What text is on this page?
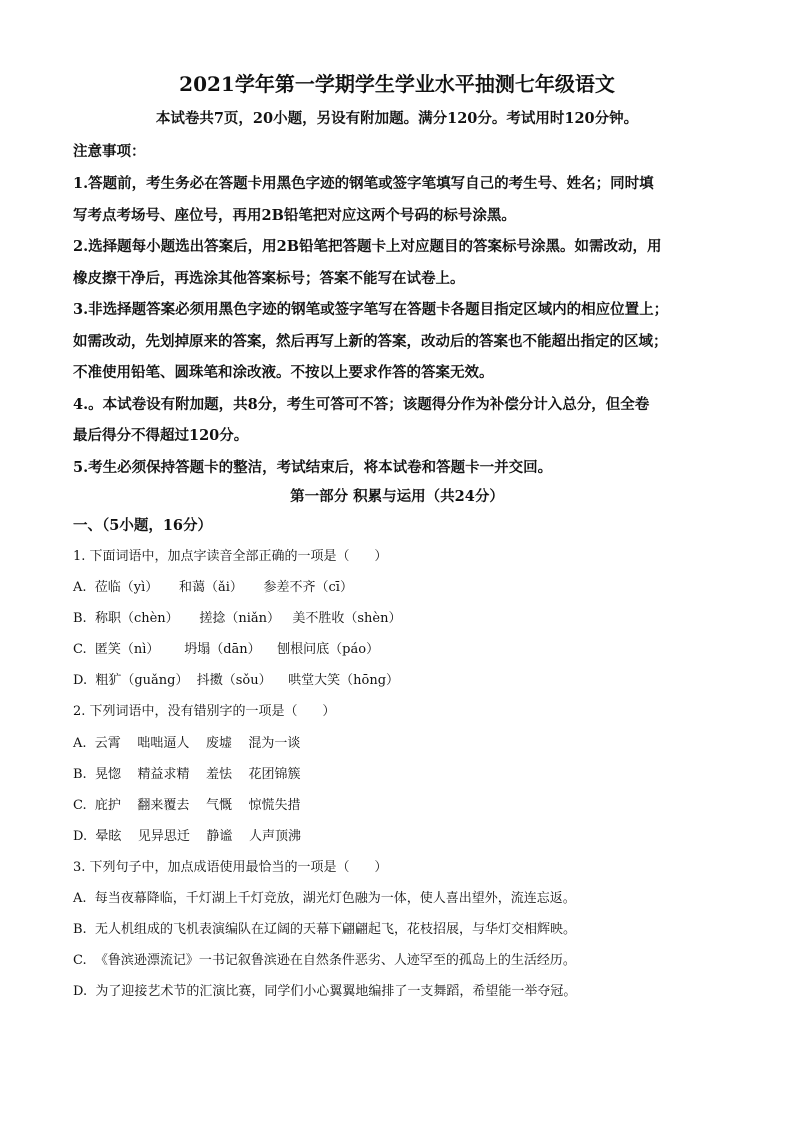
2021学年第一学期学生学业水平抽测七年级语文
本试卷共7页，20小题，另设有附加题。满分120分。考试用时120分钟。
注意事项：
1.答题前，考生务必在答题卡用黑色字迹的钢笔或签字笔填写自己的考生号、姓名；同时填
写考点考场号、座位号，再用2B铅笔把对应这两个号码的标号涂黑。
2.选择题每小题选出答案后，用2B铅笔把答题卡上对应题目的答案标号涂黑。如需改动，用
橡皮擦干净后，再选涂其他答案标号；答案不能写在试卷上。
3.非选择题答案必须用黑色字迹的钢笔或签字笔写在答题卡各题目指定区域内的相应位置上；
如需改动，先划掉原来的答案，然后再写上新的答案，改动后的答案也不能超出指定的区域；
不准使用铅笔、圆珠笔和涂改液。不按以上要求作答的答案无效。
4.。本试卷设有附加题，共8分，考生可答可不答；该题得分作为补偿分计入总分，但全卷
最后得分不得超过120分。
5.考生必须保持答题卡的整洁，考试结束后，将本试卷和答题卡一并交回。
第一部分 积累与运用（共24分）
一、（5小题，16分）
1. 下面词语中，加点字读音全部正确的一项是（      ）
A.  莅临（yì）     和蔼（ǎi）     参差不齐（cī）
B.  称职（chèn）     搓捻（niǎn）   美不胜收（shèn）
C.  匿笑（nì）      坍塌（dān）    刨根问底（páo）
D.  粗犷（guǎng）  抖擞（sǒu）    哄堂大笑（hōng）
2. 下列词语中，没有错别字的一项是（      ）
A.  云霄    咄咄逼人    废墟    混为一谈
B.  晃惚    精益求精    羞怯    花团锦簇
C.  庇护    翻来覆去    气慨    惊慌失措
D.  晕眩    见异思迁    静谧    人声顶沸
3. 下列句子中，加点成语使用最恰当的一项是（      ）
A.  每当夜幕降临，千灯湖上千灯竞放，湖光灯色融为一体，使人喜出望外，流连忘返。
B.  无人机组成的飞机表演编队在辽阔的天幕下翩翩起飞，花枝招展，与华灯交相辉映。
C.  《鲁滨逊漂流记》一书记叙鲁滨逊在自然条件恶劣、人迹罕至的孤岛上的生活经历。
D.  为了迎接艺术节的汇演比赛，同学们小心翼翼地编排了一支舞蹈，希望能一举夺冠。
